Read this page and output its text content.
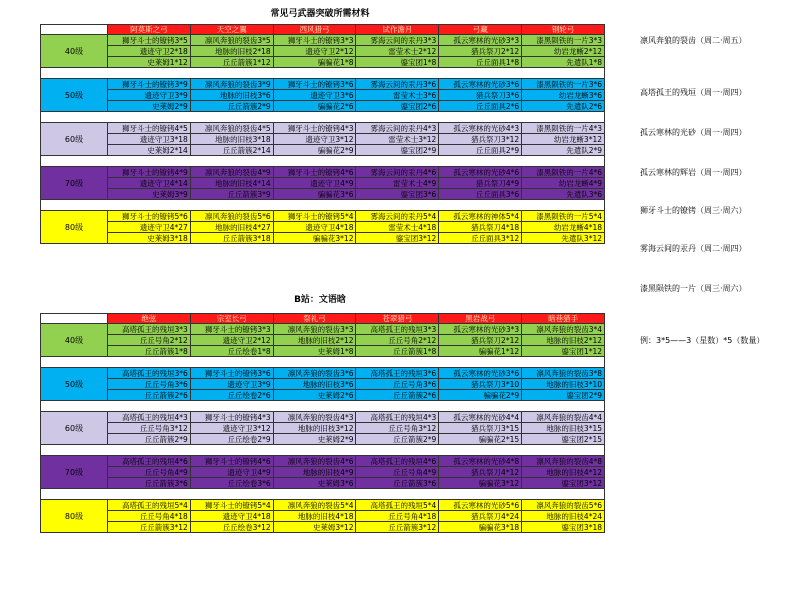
常见弓武器突破所需材料
	阿莫斯之弓	天空之翼	西风猎弓	试作澹月	弓藏	钢轮弓
40级	狮牙斗士的镣铐3*5	凛风奔狼的裂齿3*5	狮牙斗士的镣铐3*3	雾海云间的汞丹3*3	孤云寒林的光砂3*3	漆黑陨铁的一片3*3
	遗迹守卫2*18	地脉的旧枝2*18	遗迹守卫2*12	雷莹术士2*12	猎兵祭刀2*12	幼岩龙蜥2*12
	史莱姆1*12	丘丘箭簇1*12	骗骗花1*8	鎏宝团1*8	丘丘面具1*8	先遣队1*8

50级	狮牙斗士的镣铐3*9	凛风奔狼的裂齿3*9	狮牙斗士的镣铐3*6	雾海云间的汞丹3*6	孤云寒林的光砂3*6	漆黑陨铁的一片3*6
	遗迹守卫3*9	地脉的旧枝3*6	遗迹守卫3*6	雷莹术士3*6	猎兵祭刀3*6	幼岩龙蜥3*6
	史莱姆2*9	丘丘箭簇2*9	骗骗花2*6	鎏宝团2*6	丘丘面具2*6	先遣队2*6

60级	狮牙斗士的镣铐4*5	凛风奔狼的裂齿4*5	狮牙斗士的镣铐4*3	雾海云间的汞丹4*3	孤云寒林的光砂4*3	漆黑陨铁的一片4*3
	遗迹守卫3*18	地脉的旧枝3*18	遗迹守卫3*12	雷莹术士3*12	猎兵祭刀3*12	幼岩龙蜥3*12
	史莱姆2*14	丘丘箭簇2*14	骗骗花2*9	鎏宝团2*9	丘丘面具2*9	先遣队2*9

70级	狮牙斗士的镣铐4*9	凛风奔狼的裂齿4*9	狮牙斗士的镣铐4*6	雾海云间的汞丹4*6	孤云寒林的光砂4*6	漆黑陨铁的一片4*6
	遗迹守卫4*14	地脉的旧枝4*14	遗迹守卫4*9	雷莹术士4*9	猎兵祭刀4*9	幼岩龙蜥4*9
	史莱姆3*9	丘丘箭簇3*9	骗骗花3*6	鎏宝团3*6	丘丘面具3*6	先遣队3*6

80级	狮牙斗士的镣铐5*6	凛风奔狼的裂齿5*6	狮牙斗士的镣铐5*4	雾海云间的汞丹5*4	孤云寒林的神体5*4	漆黑陨铁的一片5*4
	遗迹守卫4*27	地脉的旧枝4*27	遗迹守卫4*18	雷莹术士4*18	猎兵祭刀4*18	幼岩龙蜥4*18
	史莱姆3*18	丘丘箭簇3*18	骗骗花3*12	鎏宝团3*12	丘丘面具3*12	先遣队3*12
B站：文语晗
	绝弦	宗室长弓	祭礼弓	苍翠猎弓	黑岩战弓	暗巷猎手
40级	高塔孤王的残垣3*3	狮牙斗士的镣铐3*3	凛风奔狼的裂齿3*3	高塔孤王的残垣3*3	孤云寒林的光砂3*3	凛风奔狼的裂齿3*4
	丘丘号角2*12	遗迹守卫2*12	地脉的旧枝2*12	丘丘号角2*12	猎兵祭刀2*12	地脉的旧枝2*12
	丘丘箭簇1*8	丘丘绘卷1*8	史莱姆1*8	丘丘箭簇1*8	骗骗花1*12	鎏宝团1*12

50级	高塔孤王的残垣3*6	狮牙斗士的镣铐3*6	凛风奔狼的裂齿3*6	高塔孤王的残垣3*6	孤云寒林的光砂3*6	凛风奔狼的裂齿3*8
	丘丘号角3*6	遗迹守卫3*9	地脉的旧枝3*6	丘丘号角3*6	猎兵祭刀3*10	地脉的旧枝3*10
	丘丘箭簇2*6	丘丘绘卷2*6	史莱姆2*6	丘丘箭簇2*6	骗骗花2*9	鎏宝团2*9

60级	高塔孤王的残垣4*3	狮牙斗士的镣铐4*3	凛风奔狼的裂齿4*3	高塔孤王的残垣4*3	孤云寒林的光砂4*4	凛风奔狼的裂齿4*4
	丘丘号角3*12	遗迹守卫3*12	地脉的旧枝3*12	丘丘号角3*12	猎兵祭刀3*15	地脉的旧枝3*15
	丘丘箭簇2*9	丘丘绘卷2*9	史莱姆2*9	丘丘箭簇2*9	骗骗花2*15	鎏宝团2*15

70级	高塔孤王的残垣4*6	狮牙斗士的镣铐4*6	凛风奔狼的裂齿4*6	高塔孤王的残垣4*6	孤云寒林的光砂4*8	凛风奔狼的裂齿4*8
	丘丘号角4*9	遗迹守卫4*9	地脉的旧枝4*9	丘丘号角4*9	猎兵祭刀4*12	地脉的旧枝4*12
	丘丘箭簇3*6	丘丘绘卷3*6	史莱姆3*6	丘丘箭簇3*6	骗骗花3*12	鎏宝团3*12

80级	高塔孤王的残垣5*4	狮牙斗士的镣铐5*4	凛风奔狼的裂齿5*4	高塔孤王的残垣5*4	孤云寒林的光砂5*6	凛风奔狼的裂齿5*6
	丘丘号角4*18	遗迹守卫4*18	地脉的旧枝4*18	丘丘号角4*18	猎兵祭刀4*24	地脉的旧枝4*24
	丘丘箭簇3*12	丘丘绘卷3*12	史莱姆3*12	丘丘箭簇3*12	骗骗花3*18	鎏宝团3*18
凛风奔狼的裂齿（周二·周五）
高塔孤王的残垣（周一·周四）
孤云寒林的光砂（周一·周四）
孤云寒林的辉岩（周一·周四）
狮牙斗士的镣铐（周三·周六）
雾海云间的汞丹（周二·周四）
漆黑陨铁的一片（周三·周六）
例：3*5——3（星数）*5（数量）
